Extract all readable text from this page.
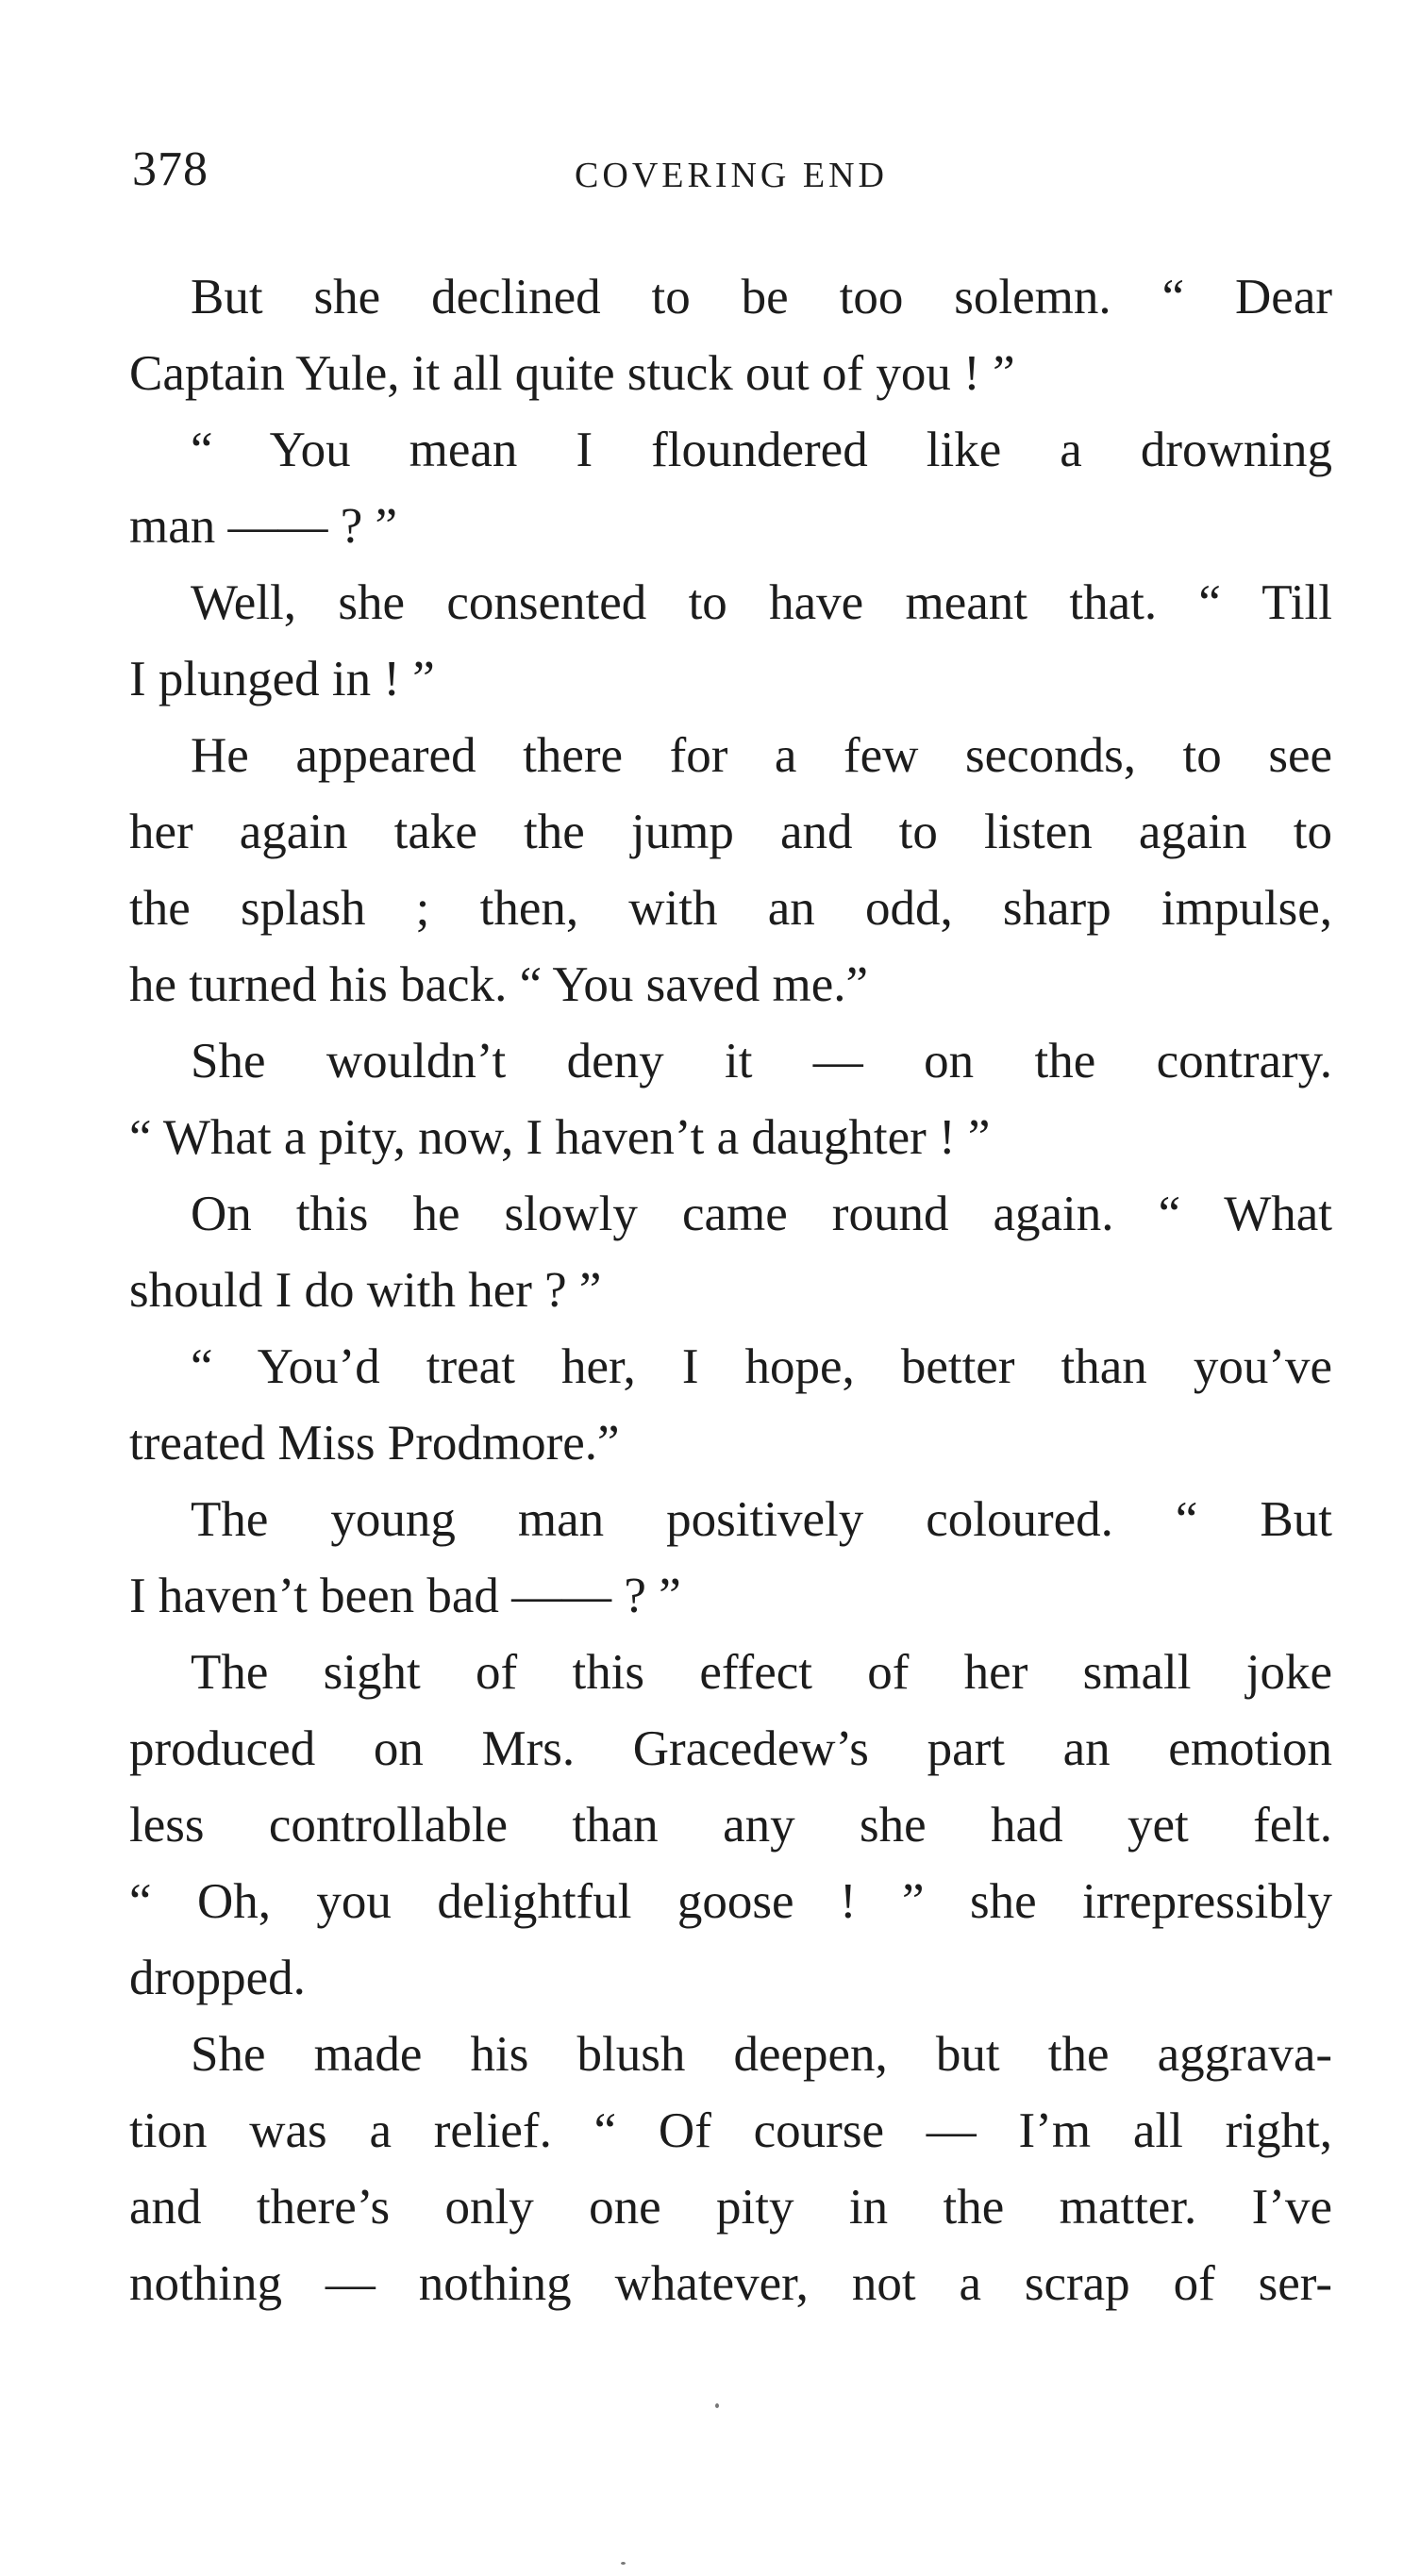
378	COVERING END
But she declined to be too solemn. “ Dear
Captain Yule, it all quite stuck out of you ! ”
“ You mean I floundered like a drowning
man —— ? ”
Well, she consented to have meant that. “ Till
I plunged in ! ”
He appeared there for a few seconds, to see
her again take the jump and to listen again to
the splash ; then, with an odd, sharp impulse,
he turned his back. “ You saved me.”
She wouldn’t deny it — on the contrary.
“ What a pity, now, I haven’t a daughter ! ”
On this he slowly came round again. “ What
should I do with her ? ”
“ You’d treat her, I hope, better than you’ve
treated Miss Prodmore.”
The young man positively coloured. “ But
I haven’t been bad —— ? ”
The sight of this effect of her small joke
produced on Mrs. Gracedew’s part an emotion
less controllable than any she had yet felt.
“ Oh, you delightful goose ! ” she irrepressibly
dropped.
She made his blush deepen, but the aggrava-
tion was a relief. “ Of course — I’m all right,
and there’s only one pity in the matter. I’ve
nothing — nothing whatever, not a scrap of ser-
